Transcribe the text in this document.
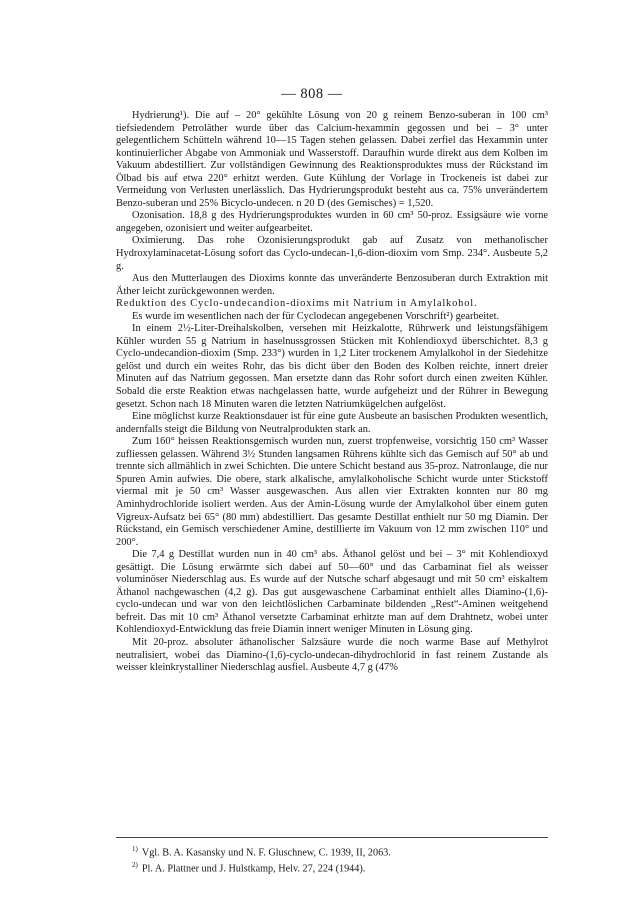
— 808 —

Hydrierung¹). Die auf – 20° gekühlte Lösung von 20 g reinem Benzo-suberan in 100 cm³ tiefsiedendem Petroläther wurde über das Calcium-hexammin gegossen und bei – 3° unter gelegentlichem Schütteln während 10—15 Tagen stehen gelassen. Dabei zerfiel das Hexammin unter kontinuierlicher Abgabe von Ammoniak und Wasserstoff. Daraufhin wurde direkt aus dem Kolben im Vakuum abdestilliert. Zur vollständigen Gewinnung des Reaktionsproduktes muss der Rückstand im Ölbad bis auf etwa 220° erhitzt werden. Gute Kühlung der Vorlage in Trockeneis ist dabei zur Vermeidung von Verlusten unerlässlich. Das Hydrierungsprodukt besteht aus ca. 75% unverändertem Benzo-suberan und 25% Bicyclo-undecen. n 20 D (des Gemisches) = 1,520.

Ozonisation. 18,8 g des Hydrierungsproduktes wurden in 60 cm³ 50-proz. Essigsäure wie vorne angegeben, ozonisiert und weiter aufgearbeitet.

Oximierung. Das rohe Ozonisierungsprodukt gab auf Zusatz von methanolischer Hydroxylaminacetat-Lösung sofort das Cyclo-undecan-1,6-dion-dioxim vom Smp. 234°. Ausbeute 5,2 g.

Aus den Mutterlaugen des Dioxims konnte das unveränderte Benzosuberan durch Extraktion mit Äther leicht zurückgewonnen werden.

Reduktion des Cyclo-undecandion-dioxims mit Natrium in Amylalkohol.

Es wurde im wesentlichen nach der für Cyclodecan angegebenen Vorschrift²) gearbeitet.

In einem 2½-Liter-Dreihalskolben, versehen mit Heizkalotte, Rührwerk und leistungsfähigem Kühler wurden 55 g Natrium in haselnussgrossen Stücken mit Kohlendioxyd überschichtet. 8,3 g Cyclo-undecandion-dioxim (Smp. 233°) wurden in 1,2 Liter trockenem Amylalkohol in der Siedehitze gelöst und durch ein weites Rohr, das bis dicht über den Boden des Kolben reichte, innert dreier Minuten auf das Natrium gegossen. Man ersetzte dann das Rohr sofort durch einen zweiten Kühler. Sobald die erste Reaktion etwas nachgelassen hatte, wurde aufgeheizt und der Rührer in Bewegung gesetzt. Schon nach 18 Minuten waren die letzten Natriumkügelchen aufgelöst.

Eine möglichst kurze Reaktionsdauer ist für eine gute Ausbeute an basischen Produkten wesentlich, andernfalls steigt die Bildung von Neutralprodukten stark an.

Zum 160° heissen Reaktionsgemisch wurden nun, zuerst tropfenweise, vorsichtig 150 cm³ Wasser zufliessen gelassen. Während 3½ Stunden langsamen Rührens kühlte sich das Gemisch auf 50° ab und trennte sich allmählich in zwei Schichten. Die untere Schicht bestand aus 35-proz. Natronlauge, die nur Spuren Amin aufwies. Die obere, stark alkalische, amylalkoholische Schicht wurde unter Stickstoff viermal mit je 50 cm³ Wasser ausgewaschen. Aus allen vier Extrakten konnten nur 80 mg Aminhydrochloride isoliert werden. Aus der Amin-Lösung wurde der Amylalkohol über einem guten Vigreux-Aufsatz bei 65° (80 mm) abdestilliert. Das gesamte Destillat enthielt nur 50 mg Diamin. Der Rückstand, ein Gemisch verschiedener Amine, destillierte im Vakuum von 12 mm zwischen 110° und 200°.

Die 7,4 g Destillat wurden nun in 40 cm³ abs. Äthanol gelöst und bei – 3° mit Kohlendioxyd gesättigt. Die Lösung erwärmte sich dabei auf 50—60° und das Carbaminat fiel als weisser voluminöser Niederschlag aus. Es wurde auf der Nutsche scharf abgesaugt und mit 50 cm³ eiskaltem Äthanol nachgewaschen (4,2 g). Das gut ausgewaschene Carbaminat enthielt alles Diamino-(1,6)-cyclo-undecan und war von den leichtlöslichen Carbaminate bildenden „Rest“-Aminen weitgehend befreit. Das mit 10 cm³ Äthanol versetzte Carbaminat erhitzte man auf dem Drahtnetz, wobei unter Kohlendioxyd-Entwicklung das freie Diamin innert weniger Minuten in Lösung ging.

Mit 20-proz. absoluter äthanolischer Salzsäure wurde die noch warme Base auf Methylrot neutralisiert, wobei das Diamino-(1,6)-cyclo-undecan-dihydrochlorid in fast reinem Zustande als weisser kleinkrystalliner Niederschlag ausfiel. Ausbeute 4,7 g (47%

$^{1)}$ Vgl. B. A. Kasansky und N. F. Gluschnew, C. 1939, II, 2063.

$^{2)}$ Pl. A. Plattner und J. Hulstkamp, Helv. 27, 224 (1944).
